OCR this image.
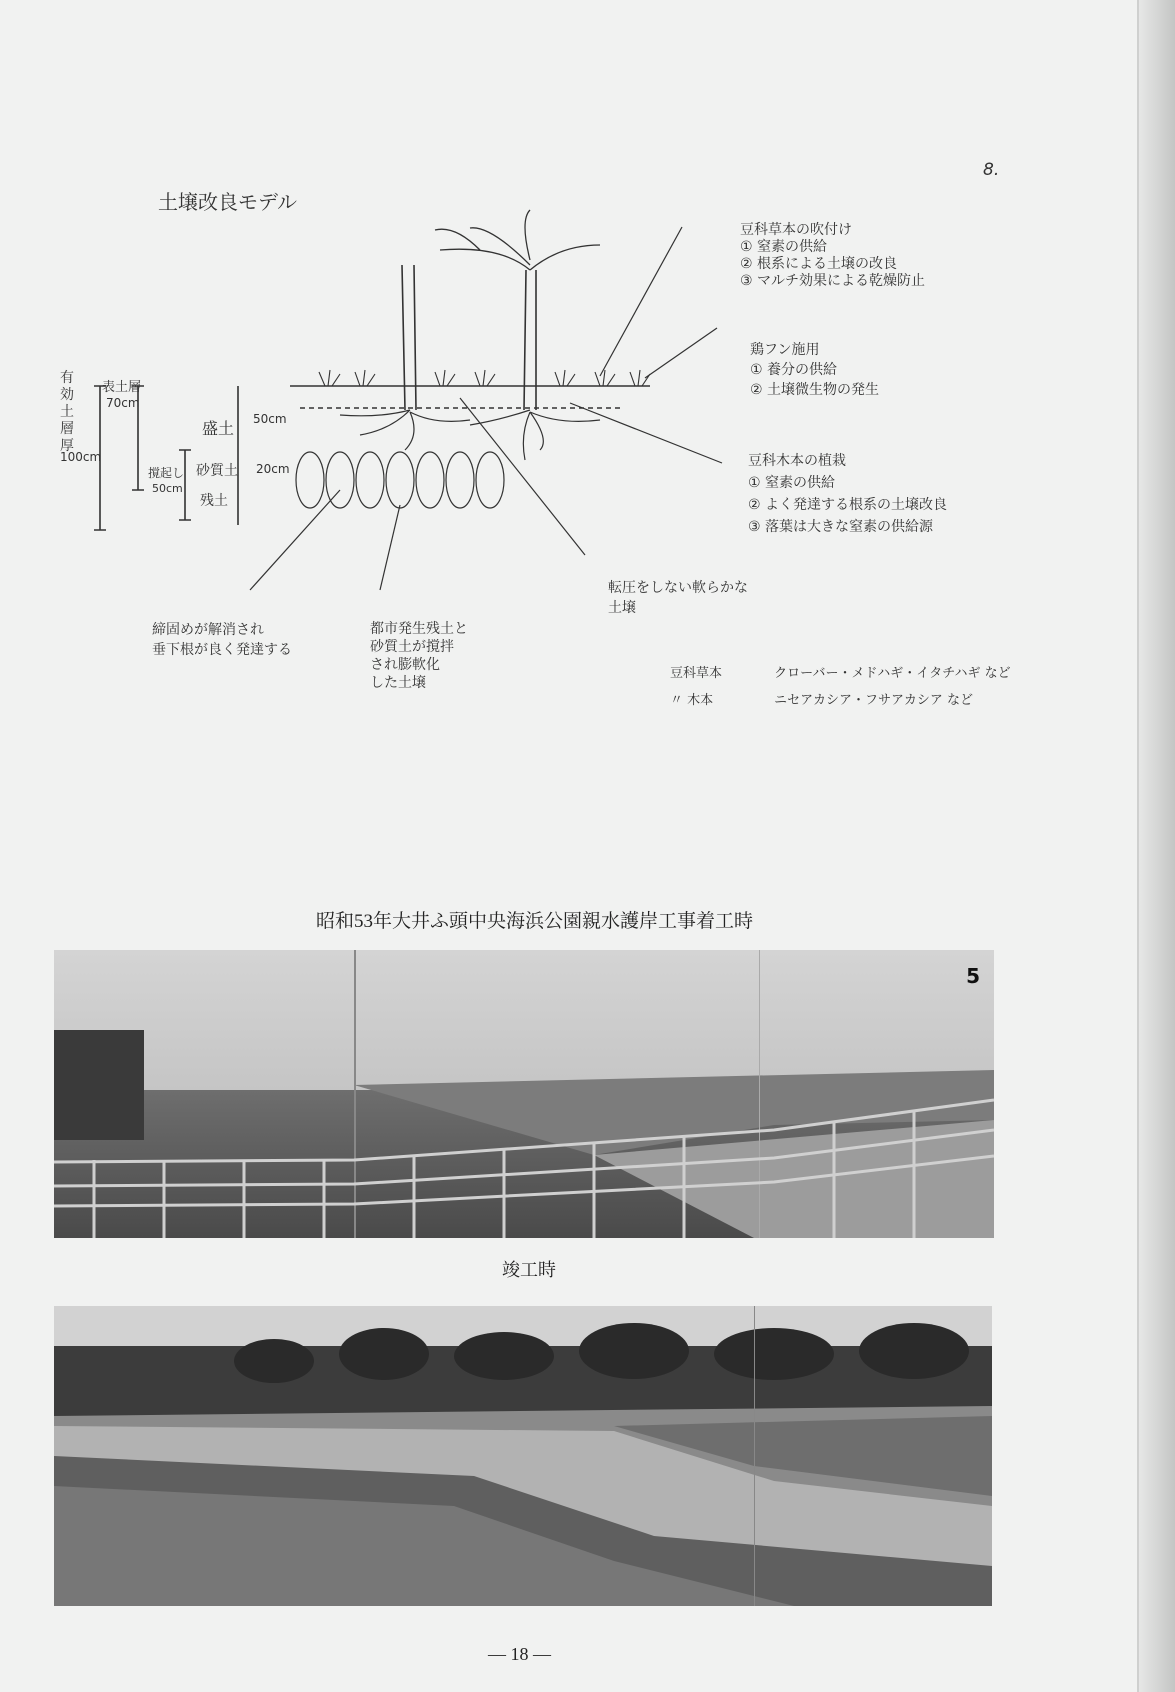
8.
土壌改良モデル
有効土層厚
100cm
表土層
70cm
撹起し
50cm
盛土
砂質土
残土
50cm
20cm
豆科草本の吹付け
① 窒素の供給
② 根系による土壌の改良
③ マルチ効果による乾燥防止
鶏フン施用
① 養分の供給
② 土壌微生物の発生
豆科木本の植栽
① 窒素の供給
② よく発達する根系の土壌改良
③ 落葉は大きな窒素の供給源
転圧をしない軟らかな
土壌
締固めが解消され
垂下根が良く発達する
都市発生残土と
砂質土が撹拌
され膨軟化
した土壌
豆科草本	クローバー・メドハギ・イタチハギ など
〃 木本	ニセアカシア・フサアカシア など
昭和53年大井ふ頭中央海浜公園親水護岸工事着工時
5
竣工時
— 18 —
